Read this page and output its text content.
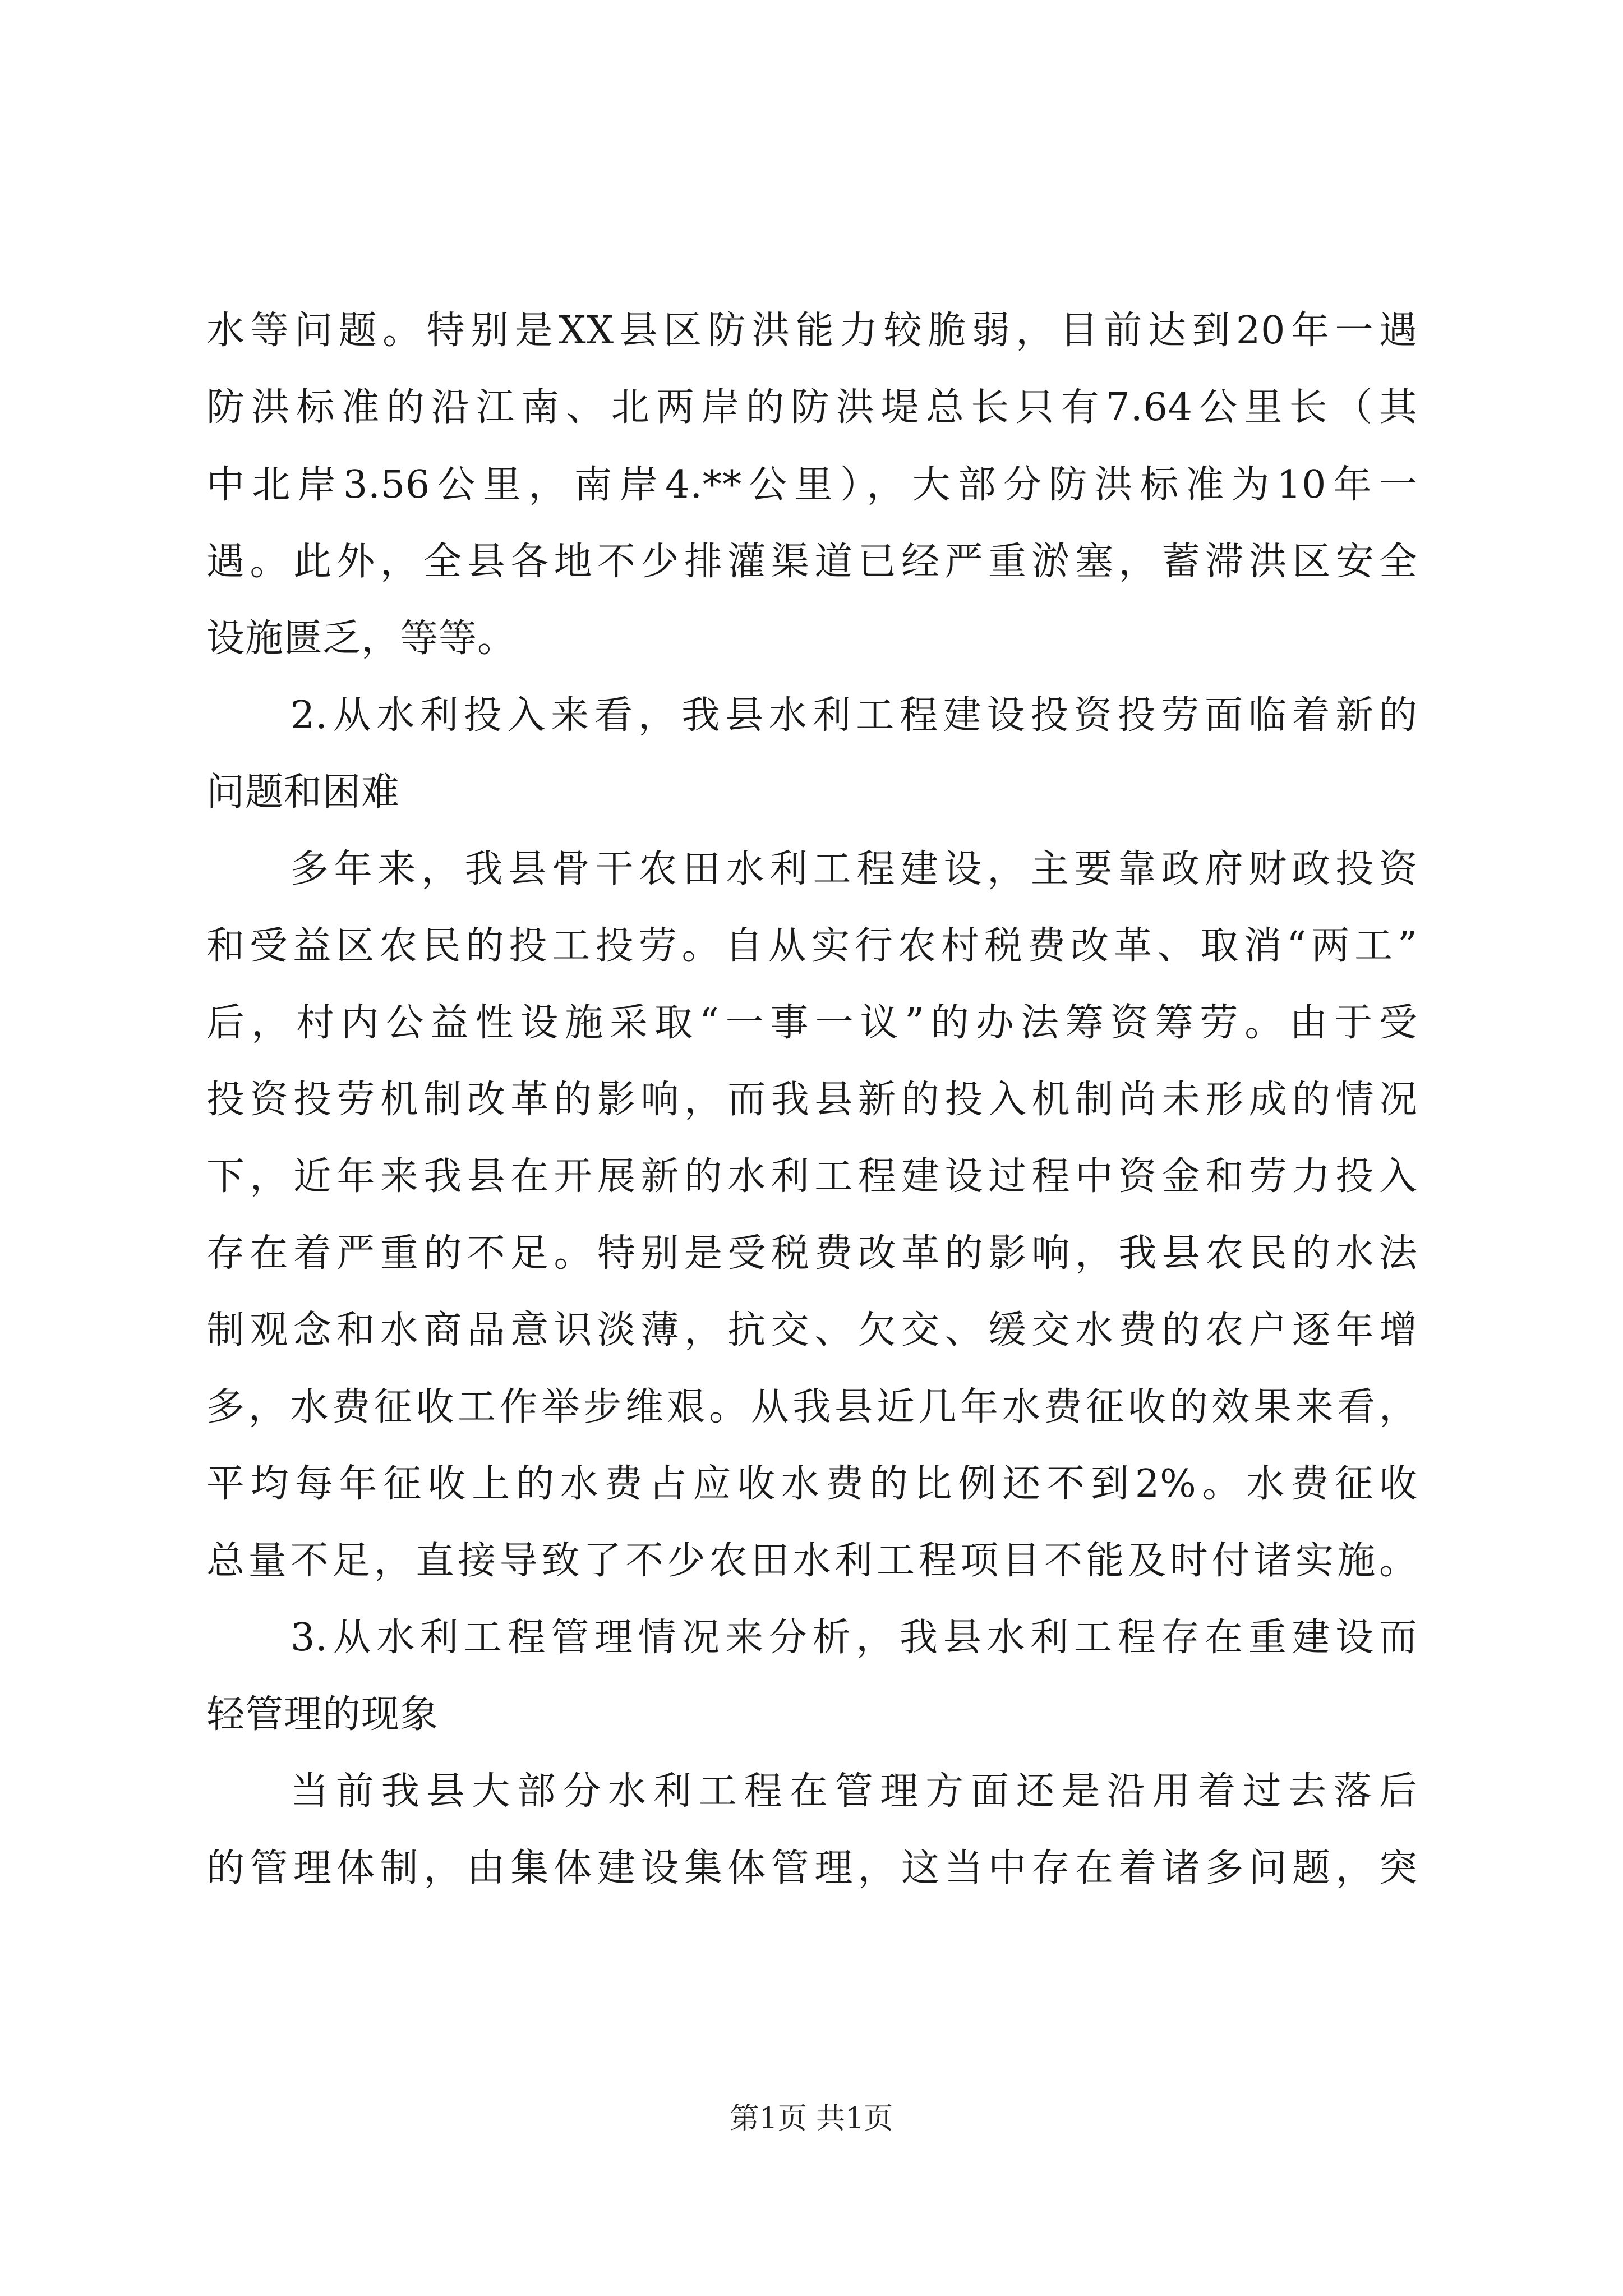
水等问题。特别是XX县区防洪能力较脆弱，目前达到20年一遇
防洪标准的沿江南、北两岸的防洪堤总长只有7.64公里长（其
中北岸3.56公里，南岸4.**公里），大部分防洪标准为10年一
遇。此外，全县各地不少排灌渠道已经严重淤塞，蓄滞洪区安全
设施匮乏，等等。
2.从水利投入来看，我县水利工程建设投资投劳面临着新的
问题和困难
多年来，我县骨干农田水利工程建设，主要靠政府财政投资
和受益区农民的投工投劳。自从实行农村税费改革、取消“两工”
后，村内公益性设施采取“一事一议”的办法筹资筹劳。由于受
投资投劳机制改革的影响，而我县新的投入机制尚未形成的情况
下，近年来我县在开展新的水利工程建设过程中资金和劳力投入
存在着严重的不足。特别是受税费改革的影响，我县农民的水法
制观念和水商品意识淡薄，抗交、欠交、缓交水费的农户逐年增
多，水费征收工作举步维艰。从我县近几年水费征收的效果来看，
平均每年征收上的水费占应收水费的比例还不到2%。水费征收
总量不足，直接导致了不少农田水利工程项目不能及时付诸实施。
3.从水利工程管理情况来分析，我县水利工程存在重建设而
轻管理的现象
当前我县大部分水利工程在管理方面还是沿用着过去落后
的管理体制，由集体建设集体管理，这当中存在着诸多问题，突
第1页 共1页
